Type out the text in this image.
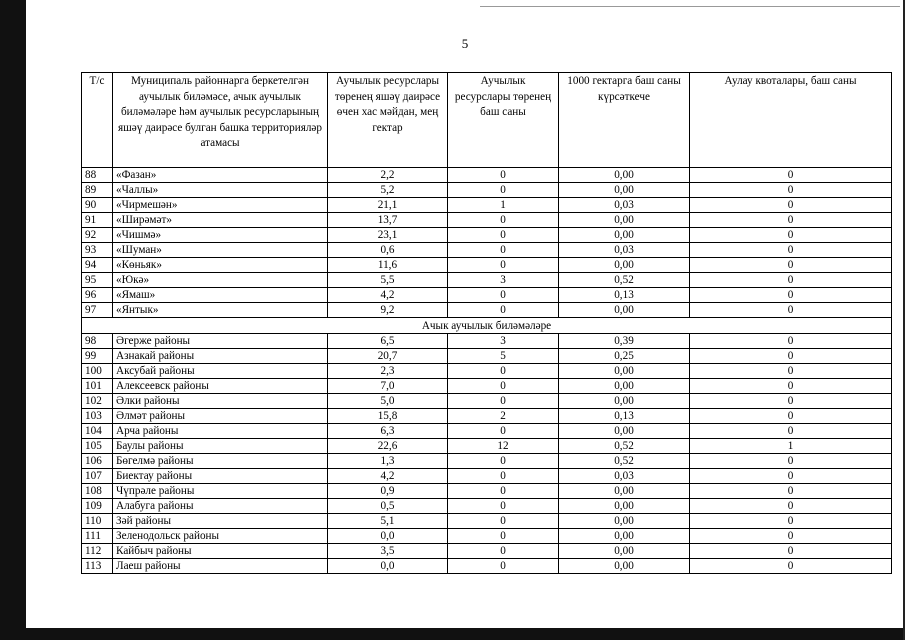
5
Т/с	Муниципаль районнарга беркетелгән аучылык биләмәсе, ачык аучылык биләмәләре һәм аучылык ресурсларының яшәү даирәсе булган башка территорияләр атамасы	Аучылык ресурслары төренең яшәү даирәсе өчен хас мәйдан, мең гектар	Аучылык ресурслары төренең баш саны	1000 гектарга баш саны күрсәткече	Аулау квоталары, баш саны
88	«Фазан»	2,2	0	0,00	0
89	«Чаллы»	5,2	0	0,00	0
90	«Чирмешән»	21,1	1	0,03	0
91	«Ширәмәт»	13,7	0	0,00	0
92	«Чишмә»	23,1	0	0,00	0
93	«Шуман»	0,6	0	0,03	0
94	«Көньяк»	11,6	0	0,00	0
95	«Юкә»	5,5	3	0,52	0
96	«Ямаш»	4,2	0	0,13	0
97	«Янтык»	9,2	0	0,00	0
Ачык аучылык биләмәләре					
98	Әгерже районы	6,5	3	0,39	0
99	Азнакай районы	20,7	5	0,25	0
100	Аксубай районы	2,3	0	0,00	0
101	Алексеевск районы	7,0	0	0,00	0
102	Әлки районы	5,0	0	0,00	0
103	Әлмәт районы	15,8	2	0,13	0
104	Арча районы	6,3	0	0,00	0
105	Баулы районы	22,6	12	0,52	1
106	Бөгелмә районы	1,3	0	0,52	0
107	Биектау районы	4,2	0	0,03	0
108	Чүпрәле районы	0,9	0	0,00	0
109	Алабуга районы	0,5	0	0,00	0
110	Зәй районы	5,1	0	0,00	0
111	Зеленодольск районы	0,0	0	0,00	0
112	Кайбыч районы	3,5	0	0,00	0
113	Лаеш районы	0,0	0	0,00	0
